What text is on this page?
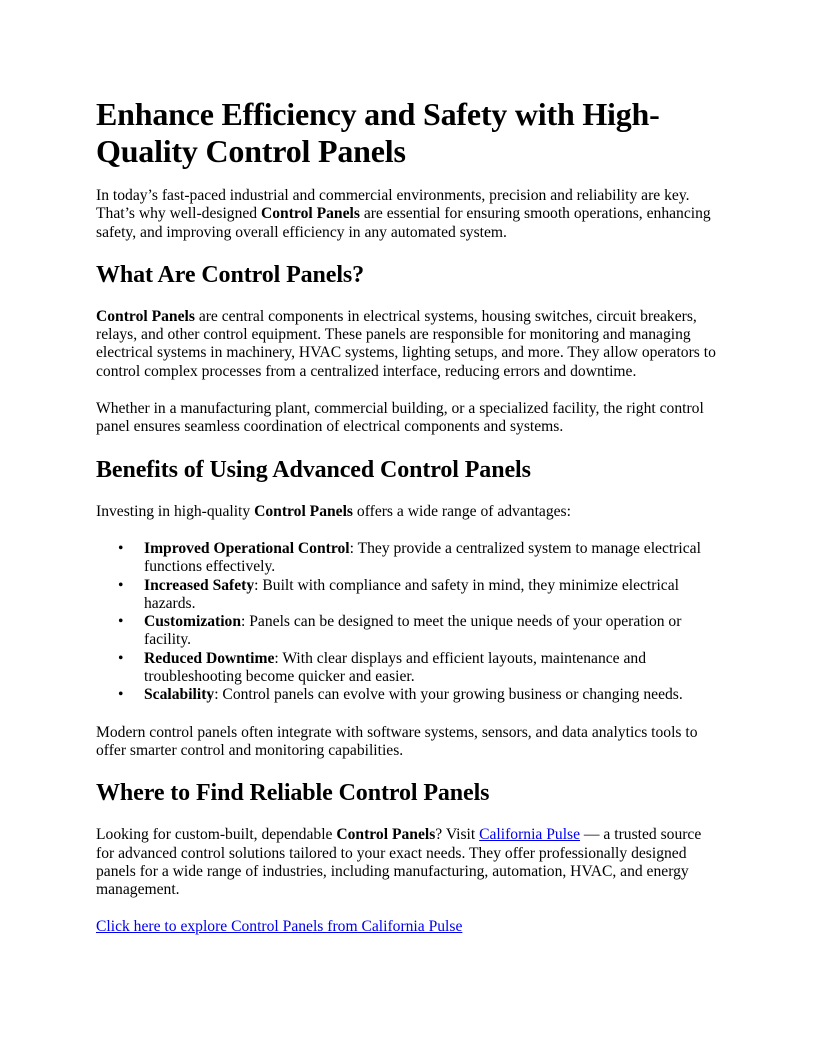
Enhance Efficiency and Safety with High-Quality Control Panels

In today’s fast-paced industrial and commercial environments, precision and reliability are key. That’s why well-designed Control Panels are essential for ensuring smooth operations, enhancing safety, and improving overall efficiency in any automated system.

What Are Control Panels?

Control Panels are central components in electrical systems, housing switches, circuit breakers, relays, and other control equipment. These panels are responsible for monitoring and managing electrical systems in machinery, HVAC systems, lighting setups, and more. They allow operators to control complex processes from a centralized interface, reducing errors and downtime.

Whether in a manufacturing plant, commercial building, or a specialized facility, the right control panel ensures seamless coordination of electrical components and systems.

Benefits of Using Advanced Control Panels

Investing in high-quality Control Panels offers a wide range of advantages:

• Improved Operational Control: They provide a centralized system to manage electrical functions effectively.
• Increased Safety: Built with compliance and safety in mind, they minimize electrical hazards.
• Customization: Panels can be designed to meet the unique needs of your operation or facility.
• Reduced Downtime: With clear displays and efficient layouts, maintenance and troubleshooting become quicker and easier.
• Scalability: Control panels can evolve with your growing business or changing needs.

Modern control panels often integrate with software systems, sensors, and data analytics tools to offer smarter control and monitoring capabilities.

Where to Find Reliable Control Panels

Looking for custom-built, dependable Control Panels? Visit California Pulse — a trusted source for advanced control solutions tailored to your exact needs. They offer professionally designed panels for a wide range of industries, including manufacturing, automation, HVAC, and energy management.

Click here to explore Control Panels from California Pulse
